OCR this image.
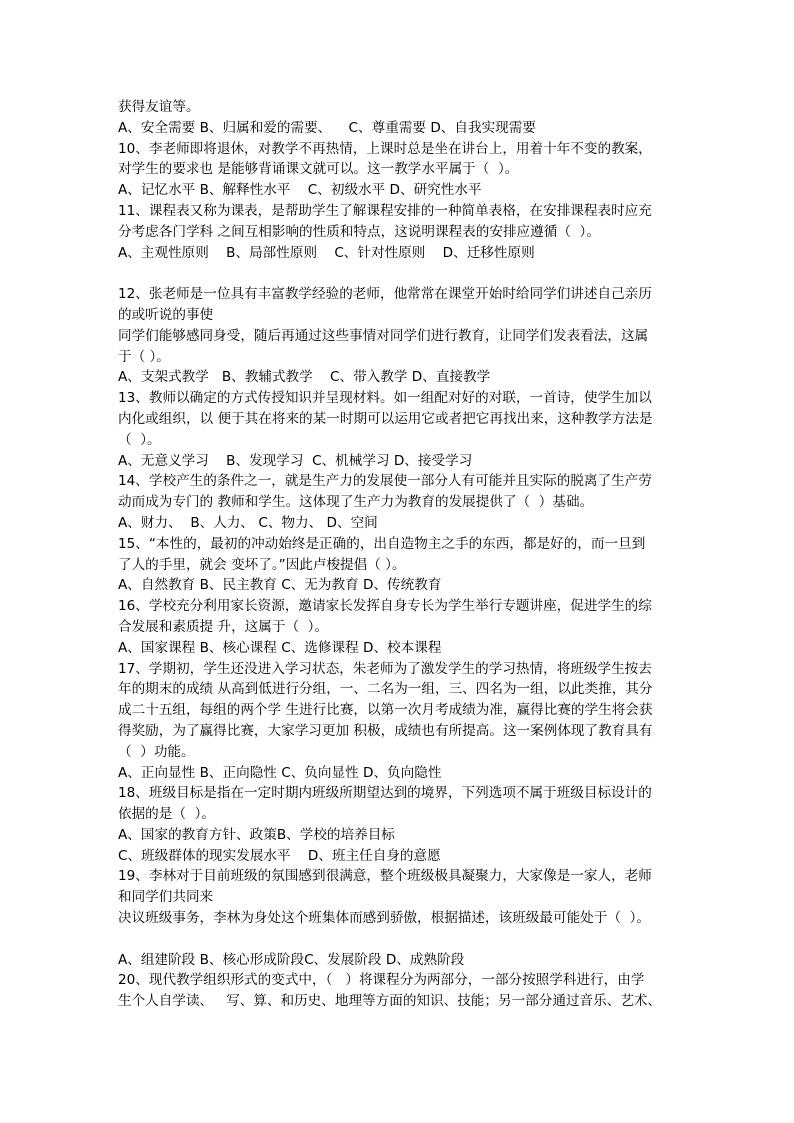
获得友谊等。
A、安全需要 B、归属和爱的需要、    C、尊重需要 D、自我实现需要
10、李老师即将退休，对教学不再热情，上课时总是坐在讲台上，用着十年不变的教案，
对学生的要求也 是能够背诵课文就可以。这一教学水平属于（  ）。
A、记忆水平 B、解释性水平    C、初级水平 D、研究性水平
11、课程表又称为课表，是帮助学生了解课程安排的一种简单表格，在安排课程表时应充
分考虑各门学科 之间互相影响的性质和特点，这说明课程表的安排应遵循（  ）。
A、主观性原则    B、局部性原则    C、针对性原则    D、迁移性原则
12、张老师是一位具有丰富教学经验的老师，他常常在课堂开始时给同学们讲述自己亲历
的或听说的事使
同学们能够感同身受，随后再通过这些事情对同学们进行教育，让同学们发表看法，这属
于（ ）。
A、支架式教学   B、教辅式教学    C、带入教学 D、直接教学
13、教师以确定的方式传授知识并呈现材料。如一组配对好的对联，一首诗，使学生加以
内化或组织，以 便于其在将来的某一时期可以运用它或者把它再找出来，这种教学方法是
（  ）。
A、无意义学习    B、发现学习  C、机械学习 D、接受学习
14、学校产生的条件之一，就是生产力的发展使一部分人有可能并且实际的脱离了生产劳
动而成为专门的 教师和学生。这体现了生产力为教育的发展提供了（  ）基础。
A、财力、  B、人力、 C、物力、 D、空间
15、“本性的，最初的冲动始终是正确的，出自造物主之手的东西，都是好的，而一旦到
了人的手里，就会 变坏了。”因此卢梭提倡（ ）。
A、自然教育 B、民主教育 C、无为教育 D、传统教育
16、学校充分利用家长资源，邀请家长发挥自身专长为学生举行专题讲座，促进学生的综
合发展和素质提 升，这属于（  ）。
A、国家课程 B、核心课程 C、选修课程 D、校本课程
17、学期初，学生还没进入学习状态，朱老师为了激发学生的学习热情，将班级学生按去
年的期末的成绩 从高到低进行分组，一、二名为一组，三、四名为一组，以此类推，其分
成二十五组，每组的两个学 生进行比赛，以第一次月考成绩为准，赢得比赛的学生将会获
得奖励，为了赢得比赛，大家学习更加 积极，成绩也有所提高。这一案例体现了教育具有
（  ）功能。
A、正向显性 B、正向隐性 C、负向显性 D、负向隐性
18、班级目标是指在一定时期内班级所期望达到的境界，下列选项不属于班级目标设计的
依据的是（  ）。
A、国家的教育方针、政策B、学校的培养目标
C、班级群体的现实发展水平    D、班主任自身的意愿
19、李林对于目前班级的氛围感到很满意，整个班级极具凝聚力，大家像是一家人，老师
和同学们共同来
决议班级事务，李林为身处这个班集体而感到骄傲，根据描述，该班级最可能处于（  ）。
A、组建阶段 B、核心形成阶段C、发展阶段 D、成熟阶段
20、现代教学组织形式的变式中，（   ）将课程分为两部分，一部分按照学科进行，由学
生个人自学读、   写、算、和历史、地理等方面的知识、技能；另一部分通过音乐、艺术、
